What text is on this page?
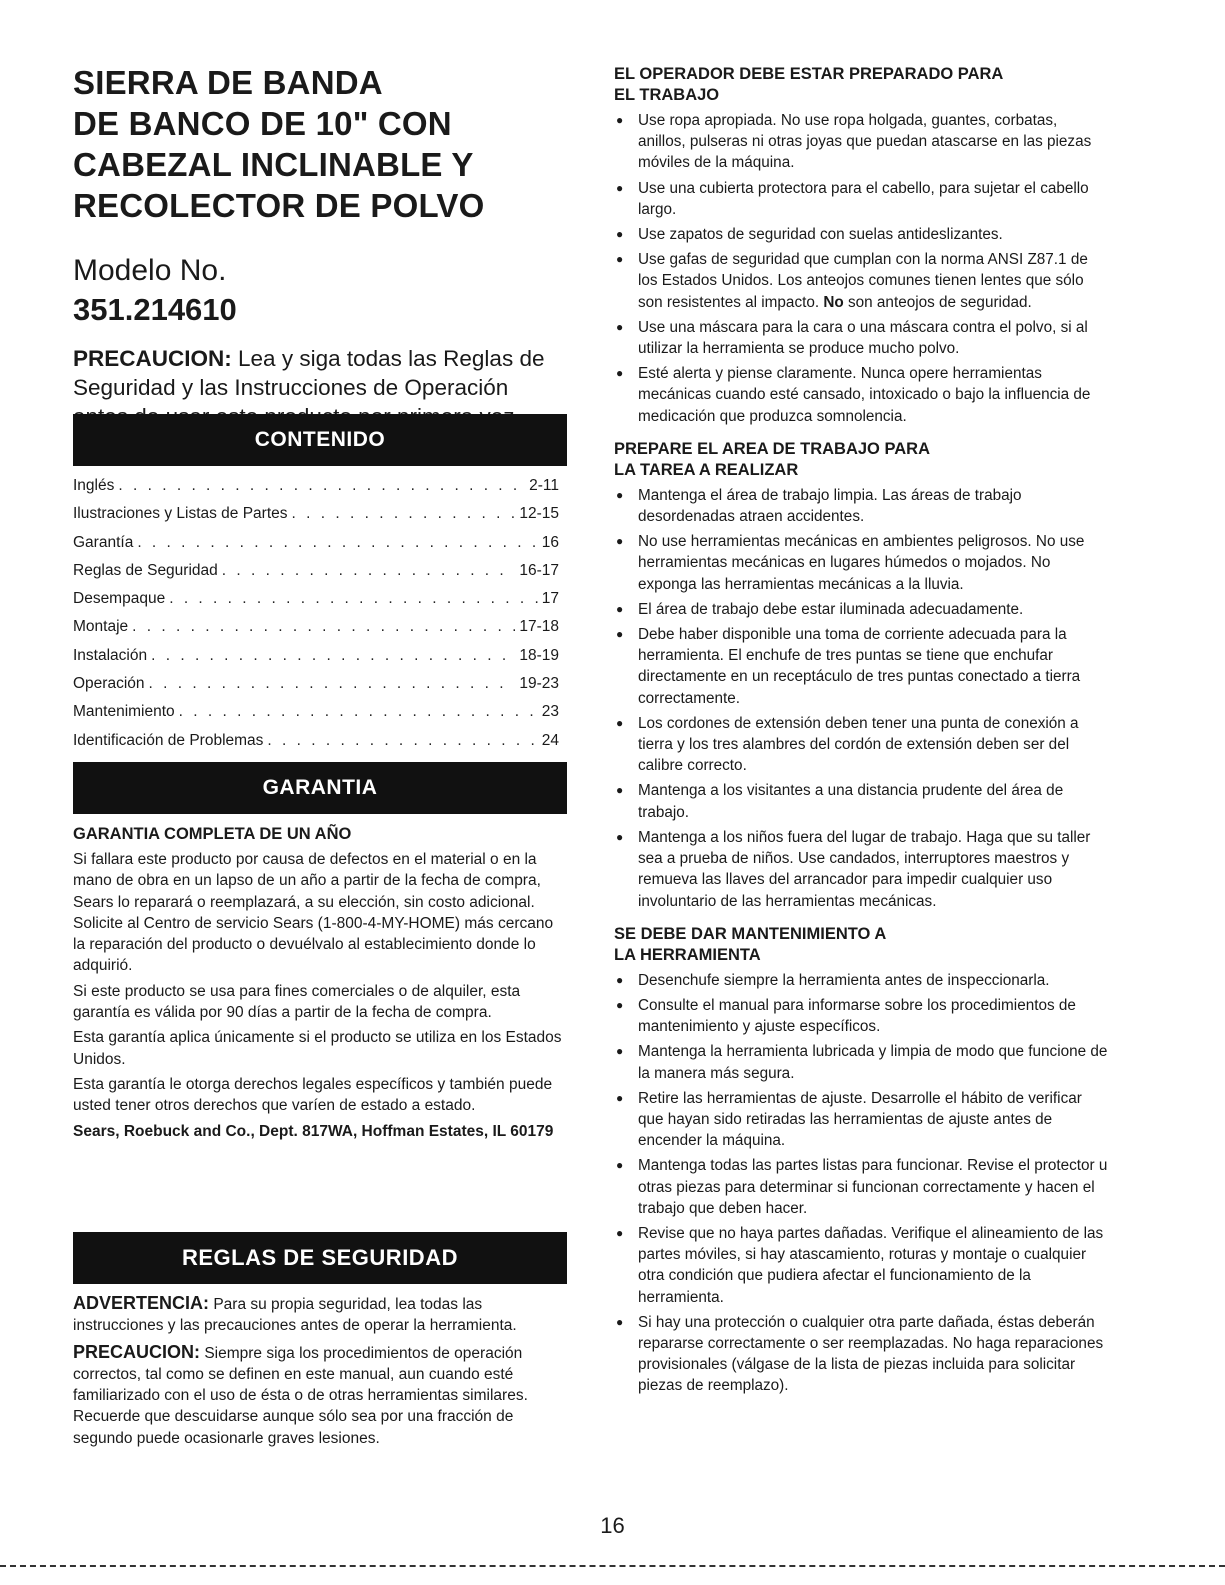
SIERRA DE BANDA
DE BANCO DE 10" CON
CABEZAL INCLINABLE Y
RECOLECTOR DE POLVO

Modelo No.

351.214610

PRECAUCION: Lea y siga todas las Reglas de Seguridad y las Instrucciones de Operación

CONTENIDO
Inglés . . .	2-11
Ilustraciones y Listas de Partes . . .	12-15
Garantía . . .	16
Reglas de Seguridad . . .	16-17
Desempaque . . .	17
Montaje . . .	17-18
Instalación . . .	18-19
Operación . . .	19-23
Mantenimiento . . .	23
Identificación de Problemas . . .	24
GARANTIA
GARANTIA COMPLETA DE UN AÑO

Si fallara este producto por causa de defectos en el material o en la mano de obra en un lapso de un año a partir de la fecha de compra, Sears lo reparará o reemplazará, a su elección, sin costo adicional. Solicite al Centro de servicio Sears (1-800-4-MY-HOME) más cercano la reparación del producto o devuélvalo al establecimiento donde lo adquirió.

Si este producto se usa para fines comerciales o de alquiler, esta garantía es válida por 90 días a partir de la fecha de compra.

Esta garantía aplica únicamente si el producto se utiliza en los Estados Unidos.

Esta garantía le otorga derechos legales específicos y también puede usted tener otros derechos que varíen de estado a estado.

Sears, Roebuck and Co., Dept. 817WA, Hoffman Estates, IL 60179

REGLAS DE SEGURIDAD

ADVERTENCIA: Para su propia seguridad, lea todas las instrucciones y las precauciones antes de operar la herramienta.

PRECAUCION: Siempre siga los procedimientos de operación correctos, tal como se definen en este manual, aun cuando esté familiarizado con el uso de ésta o de otras herramientas similares. Recuerde que descuidarse aunque sólo sea por una fracción de segundo puede ocasionarle graves lesiones.

EL OPERADOR DEBE ESTAR PREPARADO PARA
EL TRABAJO
● Use ropa apropiada. No use ropa holgada, guantes, corbatas, anillos, pulseras ni otras joyas que puedan atascarse en las piezas móviles de la máquina.
● Use una cubierta protectora para el cabello, para sujetar el cabello largo.
● Use zapatos de seguridad con suelas antideslizantes.
● Use gafas de seguridad que cumplan con la norma ANSI Z87.1 de los Estados Unidos. Los anteojos comunes tienen lentes que sólo son resistentes al impacto. No son anteojos de seguridad.
● Use una máscara para la cara o una máscara contra el polvo, si al utilizar la herramienta se produce mucho polvo.
● Esté alerta y piense claramente. Nunca opere herramientas mecánicas cuando esté cansado, intoxicado o bajo la influencia de medicación que produzca somnolencia.
PREPARE EL AREA DE TRABAJO PARA
LA TAREA A REALIZAR
● Mantenga el área de trabajo limpia. Las áreas de trabajo desordenadas atraen accidentes.
● No use herramientas mecánicas en ambientes peligrosos. No use herramientas mecánicas en lugares húmedos o mojados. No exponga las herramientas mecánicas a la lluvia.
● El área de trabajo debe estar iluminada adecuadamente.
● Debe haber disponible una toma de corriente adecuada para la herramienta. El enchufe de tres puntas se tiene que enchufar directamente en un receptáculo de tres puntas conectado a tierra correctamente.
● Los cordones de extensión deben tener una punta de conexión a tierra y los tres alambres del cordón de extensión deben ser del calibre correcto.
● Mantenga a los visitantes a una distancia prudente del área de trabajo.
● Mantenga a los niños fuera del lugar de trabajo. Haga que su taller sea a prueba de niños. Use candados, interruptores maestros y remueva las llaves del arrancador para impedir cualquier uso involuntario de las herramientas mecánicas.
SE DEBE DAR MANTENIMIENTO A
LA HERRAMIENTA
● Desenchufe siempre la herramienta antes de inspeccionarla.
● Consulte el manual para informarse sobre los procedimientos de mantenimiento y ajuste específicos.
● Mantenga la herramienta lubricada y limpia de modo que funcione de la manera más segura.
● Retire las herramientas de ajuste. Desarrolle el hábito de verificar que hayan sido retiradas las herramientas de ajuste antes de encender la máquina.
● Mantenga todas las partes listas para funcionar. Revise el protector u otras piezas para determinar si funcionan correctamente y hacen el trabajo que deben hacer.
● Revise que no haya partes dañadas. Verifique el alineamiento de las partes móviles, si hay atascamiento, roturas y montaje o cualquier otra condición que pudiera afectar el funcionamiento de la herramienta.
● Si hay una protección o cualquier otra parte dañada, éstas deberán repararse correctamente o ser reemplazadas. No haga reparaciones provisionales (válgase de la lista de piezas incluida para solicitar piezas de reemplazo).
16
